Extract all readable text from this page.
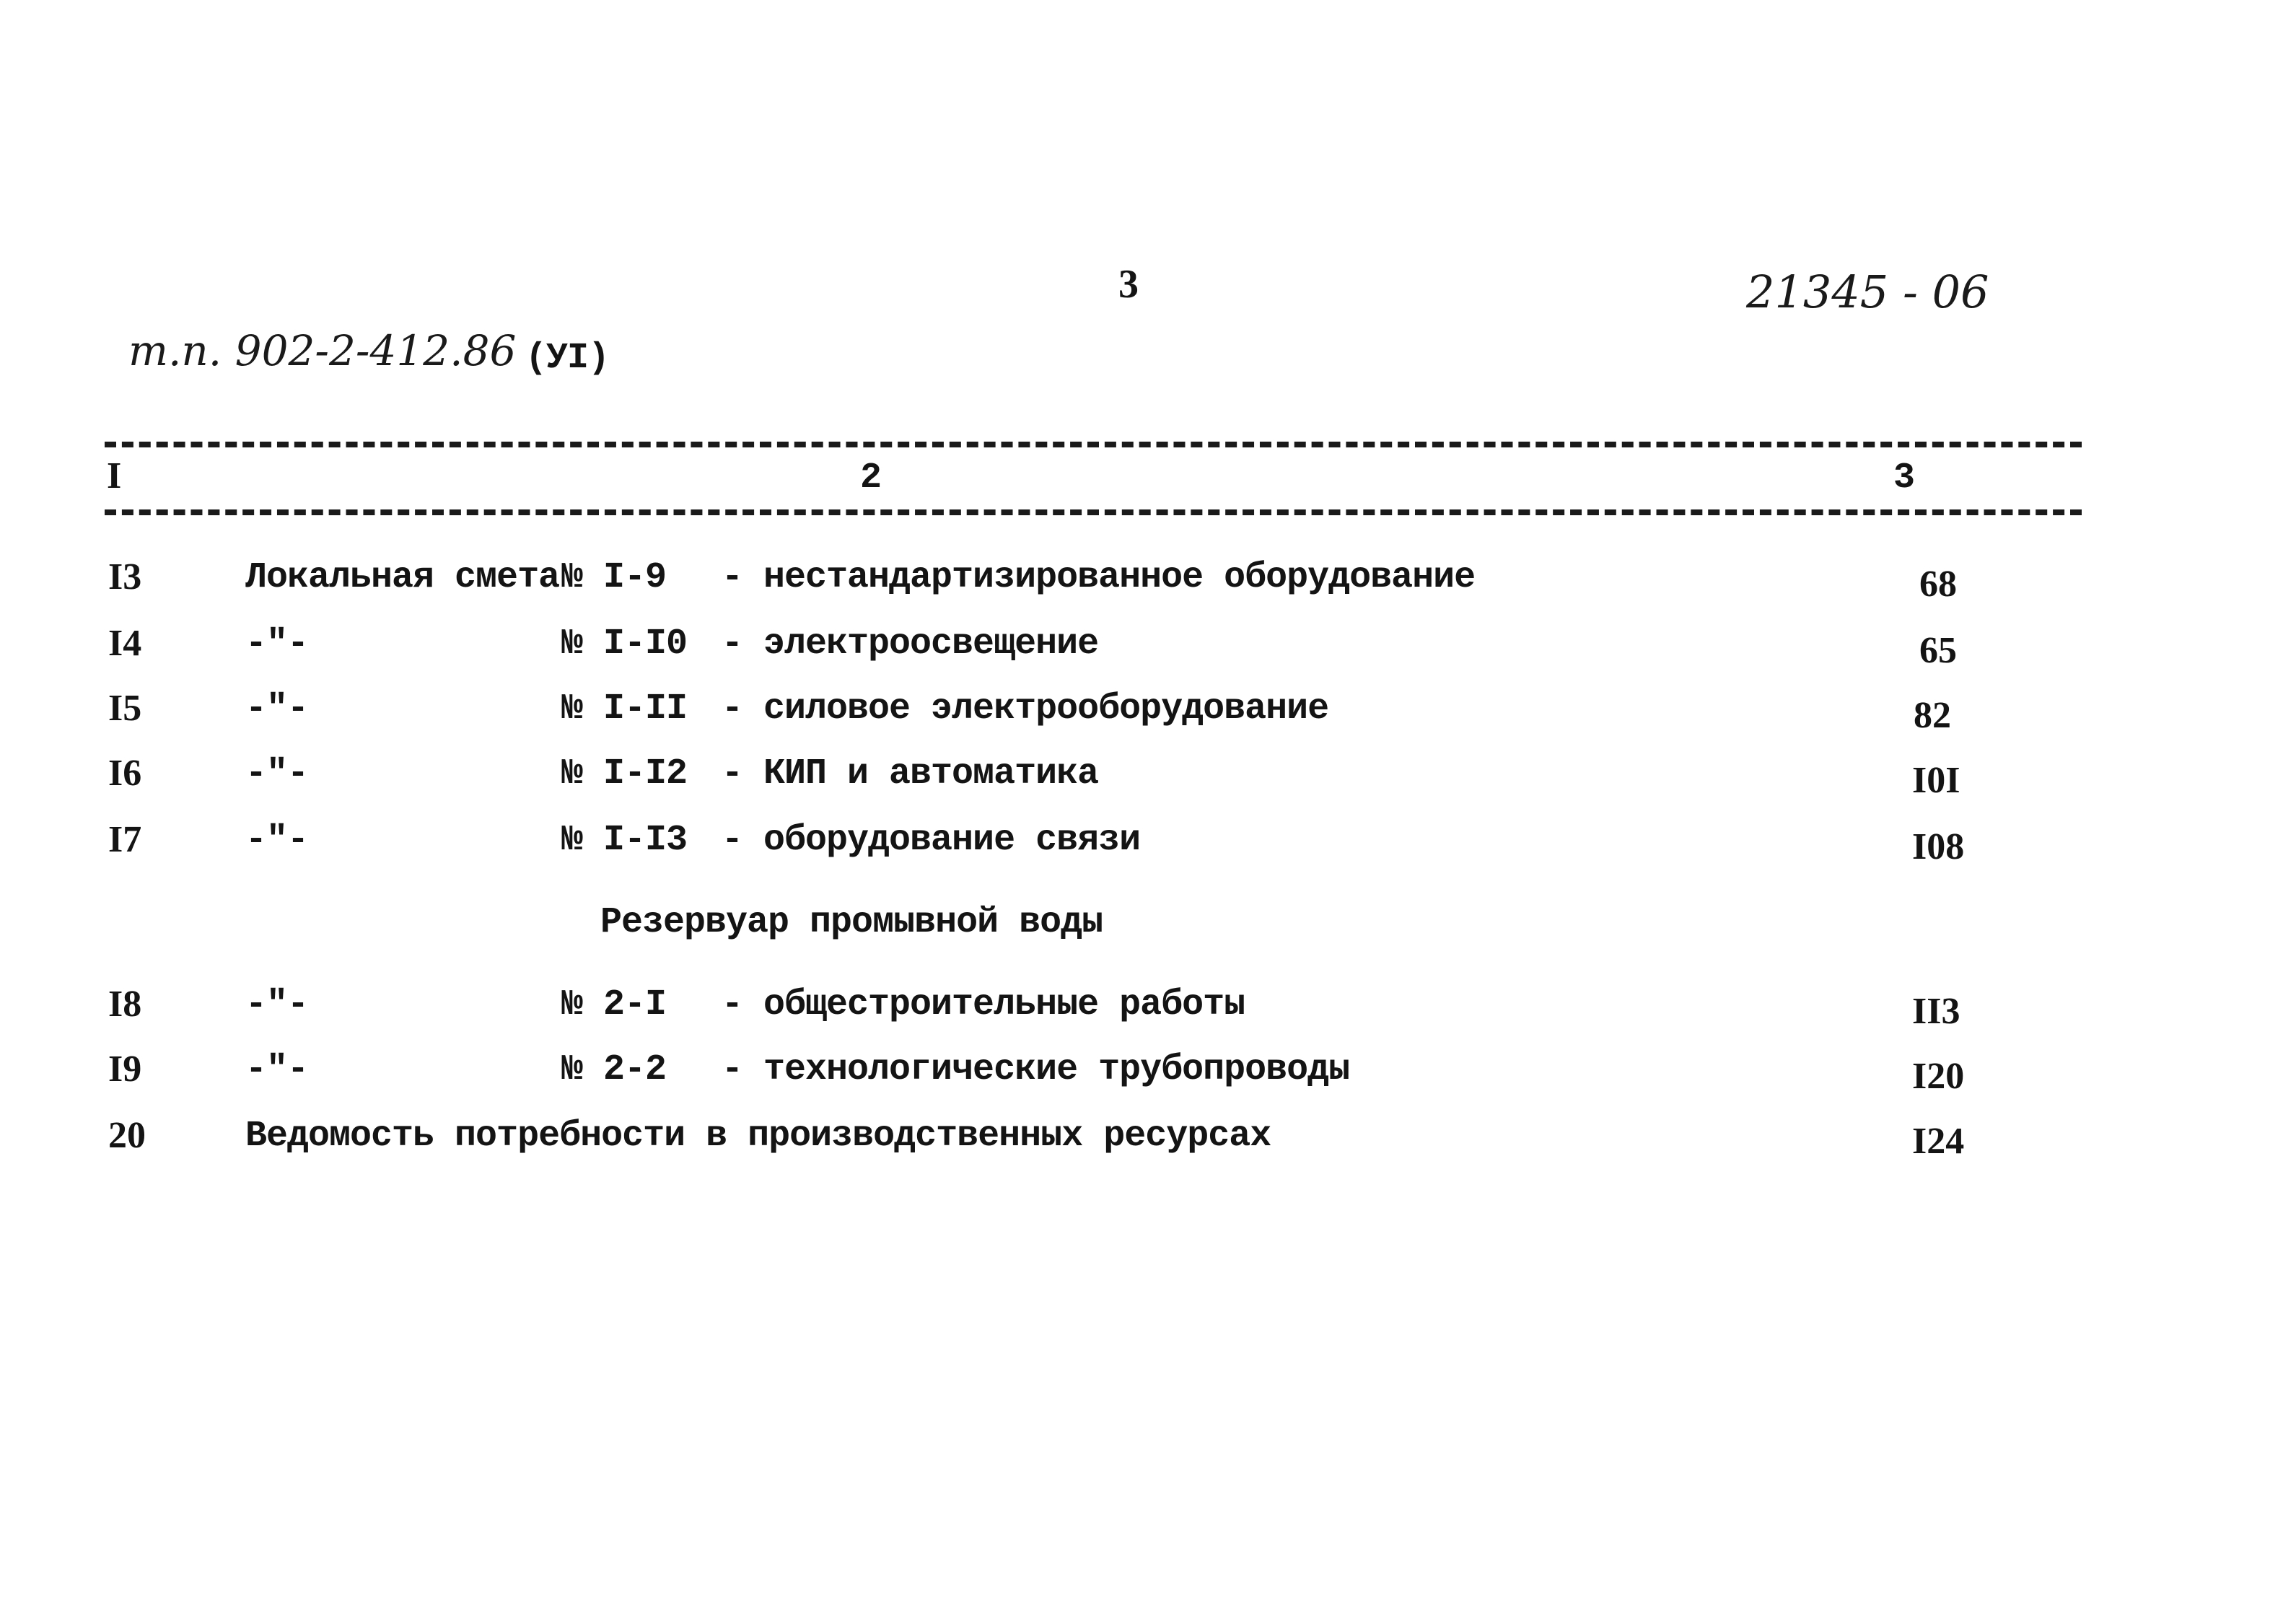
3	21345 - 06
т.п. 902-2-412.86 (УI)
I	2	3
I3	Локальная смета № I-9 - нестандартизированное оборудование	68
I4	-"-	№ I-I0 - электроосвещение	65
I5	-"-	№ I-II - силовое электрооборудование	82
I6	-"-	№ I-I2 - КИП и автоматика	I0I
I7	-"-	№ I-I3 - оборудование связи	I08
Резервуар промывной воды
I8	-"-	№ 2-I - общестроительные работы	II3
I9	-"-	№ 2-2 - технологические трубопроводы	I20
20	Ведомость потребности в производственных ресурсах	I24
